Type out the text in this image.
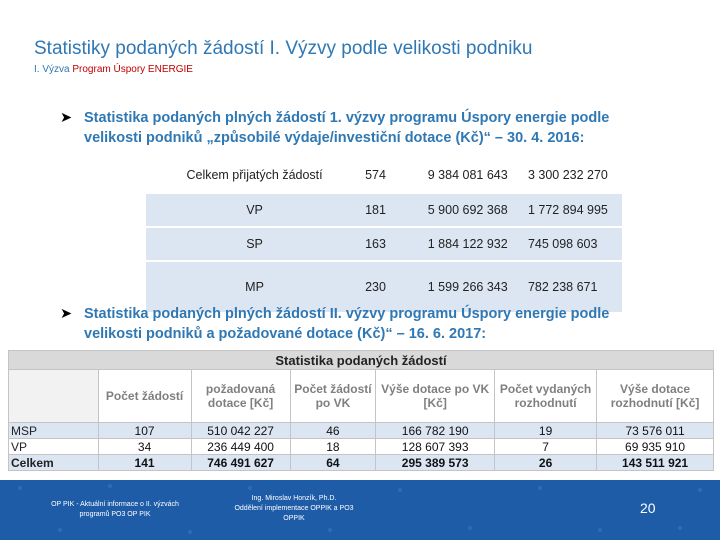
Statistiky podaných žádostí I. Výzvy podle velikosti podniku
I. Výzva Program Úspory ENERGIE
➤ Statistika podaných plných žádostí 1. výzvy programu Úspory energie podle
velikosti podniků „způsobilé výdaje/investiční dotace (Kč)“ – 30. 4. 2016:
Celkem přijatých žádostí	574	9 384 081 643	3 300 232 270
VP	181	5 900 692 368	1 772 894 995
SP	163	1 884 122 932	745 098 603
MP	230	1 599 266 343	782 238 671
➤ Statistika podaných plných žádostí II. výzvy programu Úspory energie podle
velikosti podniků a požadované dotace (Kč)“ – 16. 6. 2017:
Statistika podaných žádostí						
	Počet žádostí	požadovaná dotace [Kč]	Počet žádostí po VK	Výše dotace po VK [Kč]	Počet vydaných rozhodnutí	Výše dotace rozhodnutí [Kč]
MSP	107	510 042 227	46	166 782 190	19	73 576 011
VP	34	236 449 400	18	128 607 393	7	69 935 910
Celkem	141	746 491 627	64	295 389 573	26	143 511 921
OP PIK - Aktuální informace o II. výzvách
programů PO3 OP PIK
Ing. Miroslav Honzík, Ph.D.
Oddělení implementace OPPIK a PO3
OPPIK
20
